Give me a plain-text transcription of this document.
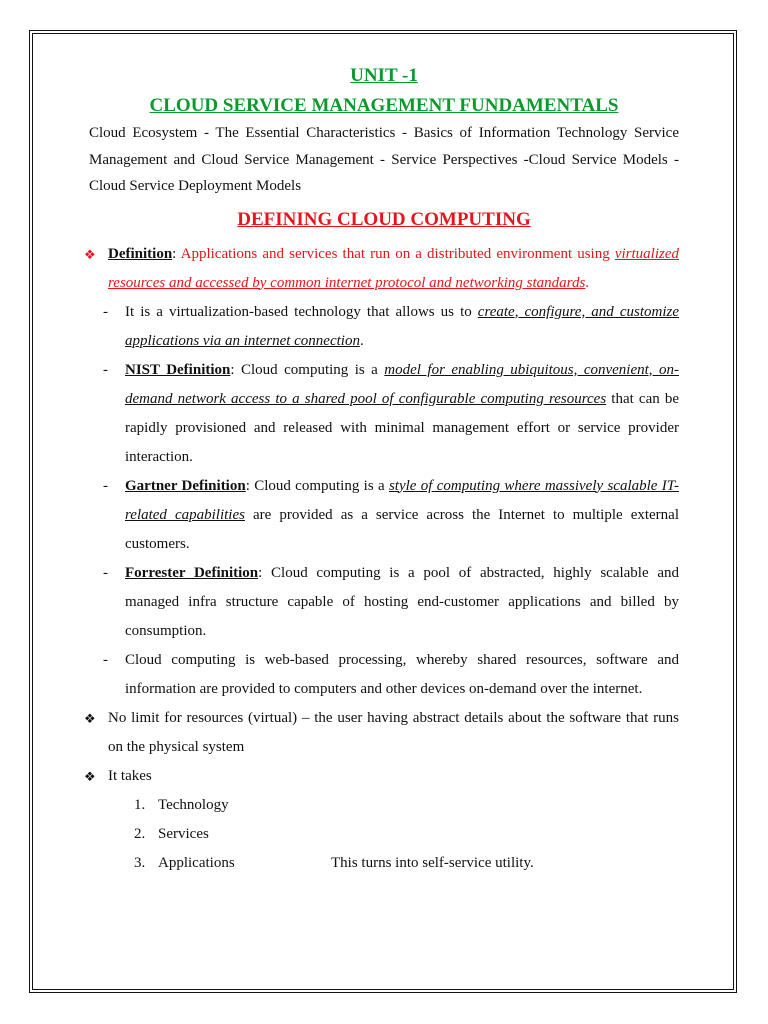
UNIT -1
CLOUD SERVICE MANAGEMENT FUNDAMENTALS

Cloud Ecosystem - The Essential Characteristics - Basics of Information Technology Service Management and Cloud Service Management - Service Perspectives -Cloud Service Models - Cloud Service Deployment Models

DEFINING CLOUD COMPUTING
❖ Definition: Applications and services that run on a distributed environment using virtualized resources and accessed by common internet protocol and networking standards.
- It is a virtualization-based technology that allows us to create, configure, and customize applications via an internet connection.
- NIST Definition: Cloud computing is a model for enabling ubiquitous, convenient, on-demand network access to a shared pool of configurable computing resources that can be rapidly provisioned and released with minimal management effort or service provider interaction.
- Gartner Definition: Cloud computing is a style of computing where massively scalable IT-related capabilities are provided as a service across the Internet to multiple external customers.
- Forrester Definition: Cloud computing is a pool of abstracted, highly scalable and managed infra structure capable of hosting end-customer applications and billed by consumption.
- Cloud computing is web-based processing, whereby shared resources, software and information are provided to computers and other devices on-demand over the internet.
❖ No limit for resources (virtual) – the user having abstract details about the software that runs on the physical system
❖ It takes
1. Technology
2. Services
3. Applications	This turns into self-service utility.
